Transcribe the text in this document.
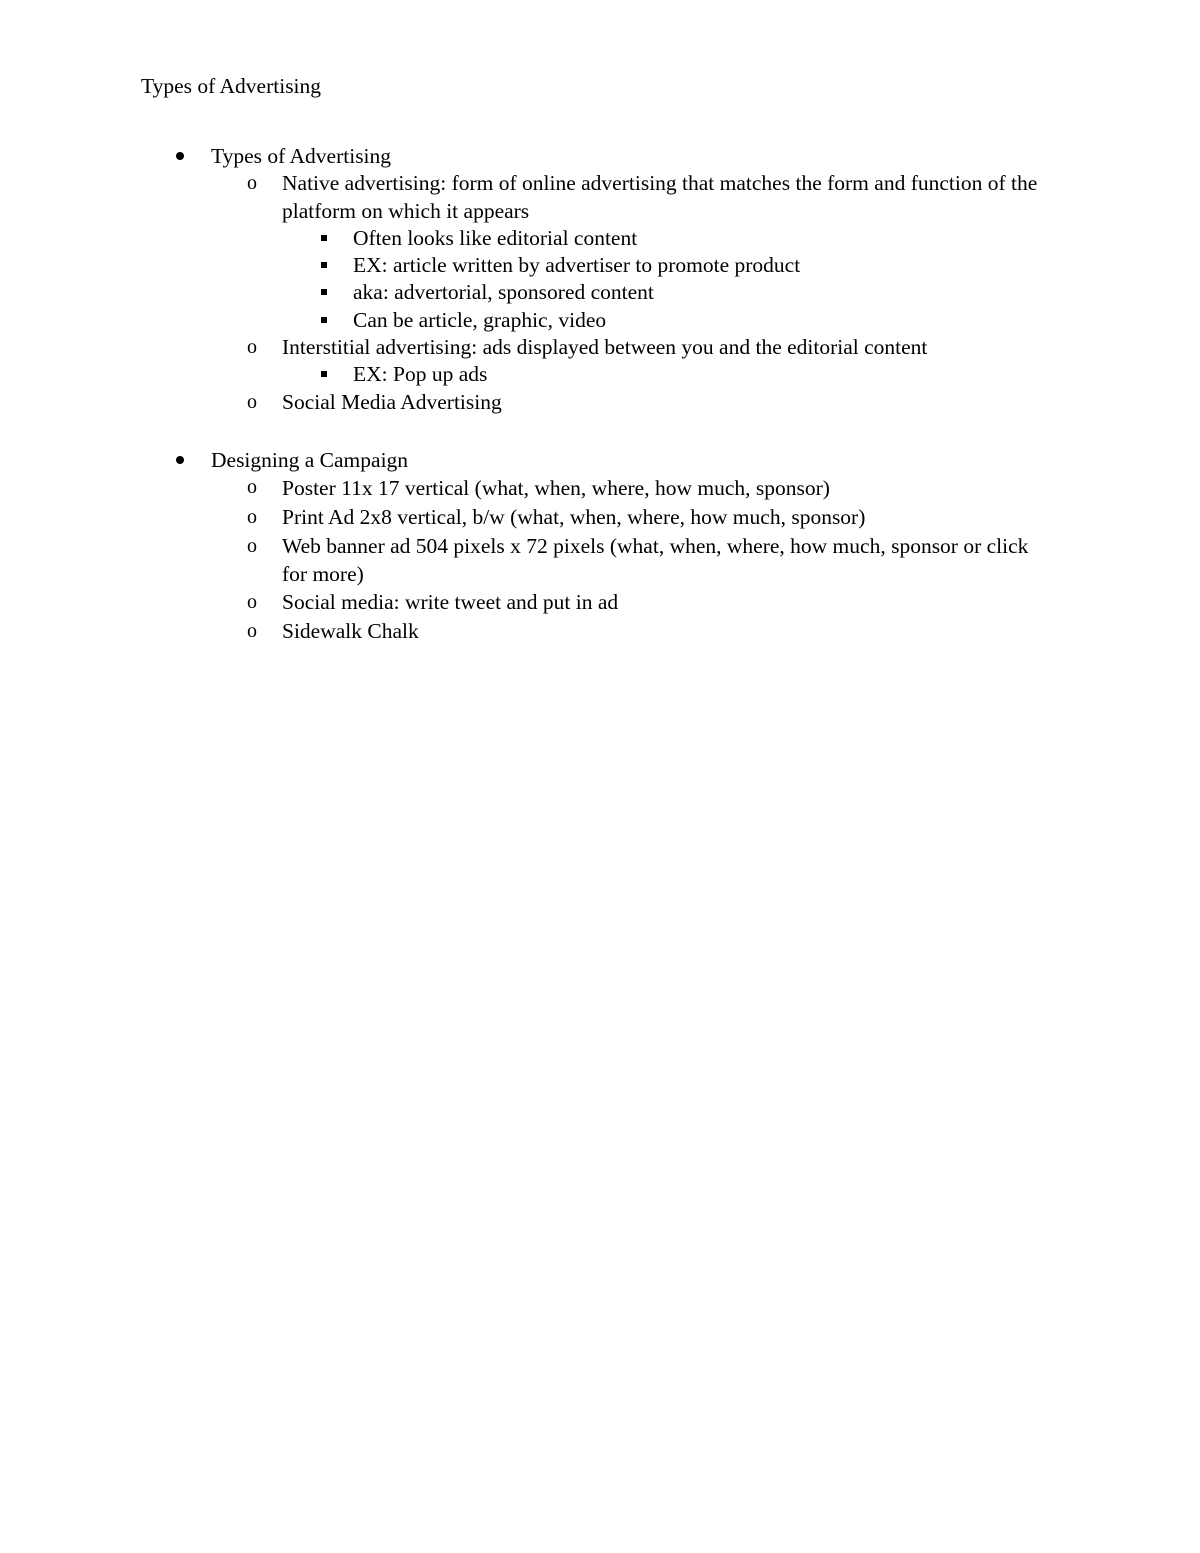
Types of Advertising
Types of Advertising
o Native advertising: form of online advertising that matches the form and function of the platform on which it appears
Often looks like editorial content
EX: article written by advertiser to promote product
aka: advertorial, sponsored content
Can be article, graphic, video
o Interstitial advertising: ads displayed between you and the editorial content
EX: Pop up ads
o Social Media Advertising
Designing a Campaign
o Poster 11x 17 vertical (what, when, where, how much, sponsor)
o Print Ad 2x8 vertical, b/w (what, when, where, how much, sponsor)
o Web banner ad 504 pixels x 72 pixels (what, when, where, how much, sponsor or click for more)
o Social media: write tweet and put in ad
o Sidewalk Chalk
